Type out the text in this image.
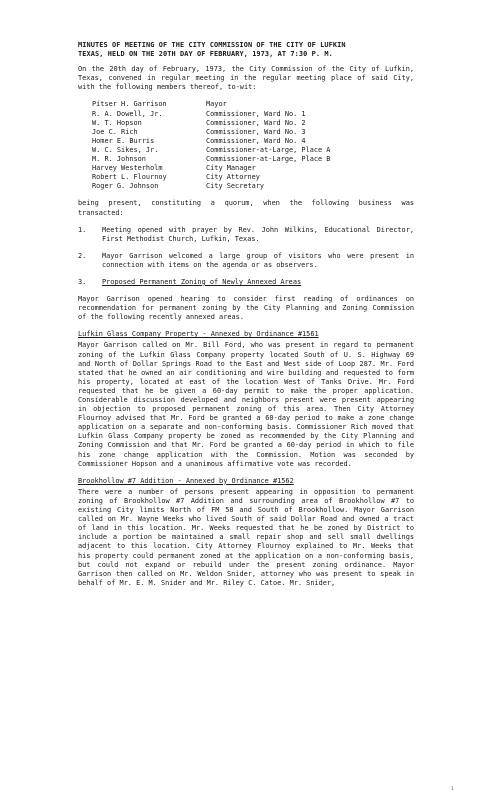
MINUTES OF MEETING OF THE CITY COMMISSION OF THE CITY OF LUFKIN

TEXAS, HELD ON THE 20TH DAY OF FEBRUARY, 1973, AT 7:30 P. M.

On the 20th day of February, 1973, the City Commission of the City of Lufkin, Texas, convened in regular meeting in the regular meeting place of said City, with the following members thereof, to-wit:

Pitser H. Garrison	Mayor
R. A. Dowell, Jr.	Commissioner, Ward No. 1
W. T. Hopson	Commissioner, Ward No. 2
Joe C. Rich	Commissioner, Ward No. 3
Homer E. Burris	Commissioner, Ward No. 4
W. C. Sikes, Jr.	Commissioner-at-Large, Place A
M. R. Johnson	Commissioner-at-Large, Place B
Harvey Westerholm	City Manager
Robert L. Flournoy	City Attorney
Roger G. Johnson	City Secretary

being present, constituting a quorum, when the following business was transacted:

1.	Meeting opened with prayer by Rev. John Wilkins, Educational Director, First Methodist Church, Lufkin, Texas.
2.	Mayor Garrison welcomed a large group of visitors who were present in connection with items on the agenda or as observers.
3.	Proposed Permanent Zoning of Newly Annexed Areas

Mayor Garrison opened hearing to consider first reading of ordinances on recommendation for permanent zoning by the City Planning and Zoning Commission of the following recently annexed areas.

Lufkin Glass Company Property - Annexed by Ordinance #1561

Mayor Garrison called on Mr. Bill Ford, who was present in regard to permanent zoning of the Lufkin Glass Company property located South of U. S. Highway 69 and North of Dollar Springs Road to the East and West side of Loop 287. Mr. Ford stated that he owned an air conditioning and wire building and requested to form his property, located at east of the location West of Tanks Drive. Mr. Ford requested that he be given a 60-day permit to make the proper application. Considerable discussion developed and neighbors present were present appearing in objection to proposed permanent zoning of this area. Then City Attorney Flournoy advised that Mr. Ford be granted a 60-day period to make a zone change application on a separate and non-conforming basis. Commissioner Rich moved that Lufkin Glass Company property be zoned as recommended by the City Planning and Zoning Commission and that Mr. Ford be granted a 60-day period in which to file his zone change application with the Commission. Motion was seconded by Commissioner Hopson and a unanimous affirmative vote was recorded.

Brookhollow #7 Addition - Annexed by Ordinance #1562

There were a number of persons present appearing in opposition to permanent zoning of Brookhollow #7 Addition and surrounding area of Brookhollow #7 to existing City limits North of FM 58 and South of Brookhollow. Mayor Garrison called on Mr. Wayne Weeks who lived South of said Dollar Road and owned a tract of land in this location. Mr. Weeks requested that he be zoned by District to include a portion be maintained a small repair shop and sell small dwellings adjacent to this location. City Attorney Flournoy explained to Mr. Weeks that his property could permanent zoned at the application on a non-conforming basis, but could not expand or rebuild under the present zoning ordinance. Mayor Garrison then called on Mr. Weldon Snider, attorney who was present to speak in behalf of Mr. E. M. Snider and Mr. Riley C. Catoe. Mr. Snider,

1
